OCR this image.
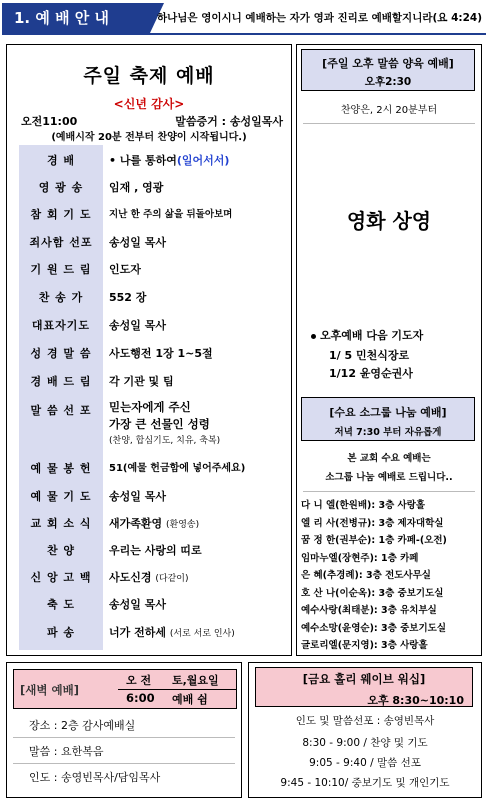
1. 예 배 안 내	하나님은 영이시니 예배하는 자가 영과 진리로 예배할지니라(요 4:24)
주일 축제 예배
<신년 감사>
오전11:00	말씀증거 : 송성일목사
(예배시작 20분 전부터 찬양이 시작됩니다.)
경 배	• 나를 통하여(일어서서)
영 광 송	임재 , 영광
참 회 기 도	지난 한 주의 삶을 뒤돌아보며
죄사함 선포	송성일 목사
기 원 드 림	인도자
찬 송 가	552 장
대표자기도	송성일 목사
성 경 말 씀	사도행전 1장 1~5절
경 배 드 림	각 기관 및 팀
말 씀 선 포	믿는자에게 주신
가장 큰 선물인 성령
(찬양, 합심기도, 치유, 축복)
예 물 봉 헌	51(예물 헌금함에 넣어주세요)
예 물 기 도	송성일 목사
교 회 소 식	새가족환영 (환영송)
찬 양	우리는 사랑의 띠로
신 앙 고 백	사도신경 (다같이)
축 도	송성일 목사
파 송	너가 전하세 (서로 서로 인사)
[주일 오후 말씀 양육 예배]
오후2:30
찬양은, 2시 20분부터
영화 상영
오후예배 다음 기도자
1/ 5 민천식장로
1/12 윤영순권사
[수요 소그룹 나눔 예배]
저녁 7:30 부터 자유롭게
본 교회 수요 예배는
소그룹 나눔 예배로 드립니다..
다 니 엘(한원배): 3층 사랑홀
엘 리 사(전병규): 3층 제자대학실
꿈 정 한(권부순): 1층 카페-(오전)
임마누엘(장현주): 1층 카페
은 혜(추경례): 3층 전도사무실
호 산 나(이순옥): 3층 중보기도실
예수사랑(최태분): 3층 유치부실
예수소망(윤영순): 3층 중보기도실
글로리엘(문지영): 3층 사랑홀
[새벽 예배]
오 전 토,월요일
6:00 예배 쉼
장소 : 2층 감사예배실
말씀 : 요한복음
인도 : 송영빈목사/담임목사
[금요 홀리 웨이브 워십]
오후 8:30~10:10
인도 및 말씀선포 : 송영빈목사
8:30 - 9:00 / 찬양 및 기도
9:05 - 9:40 / 말씀 선포
9:45 - 10:10/ 중보기도 및 개인기도
